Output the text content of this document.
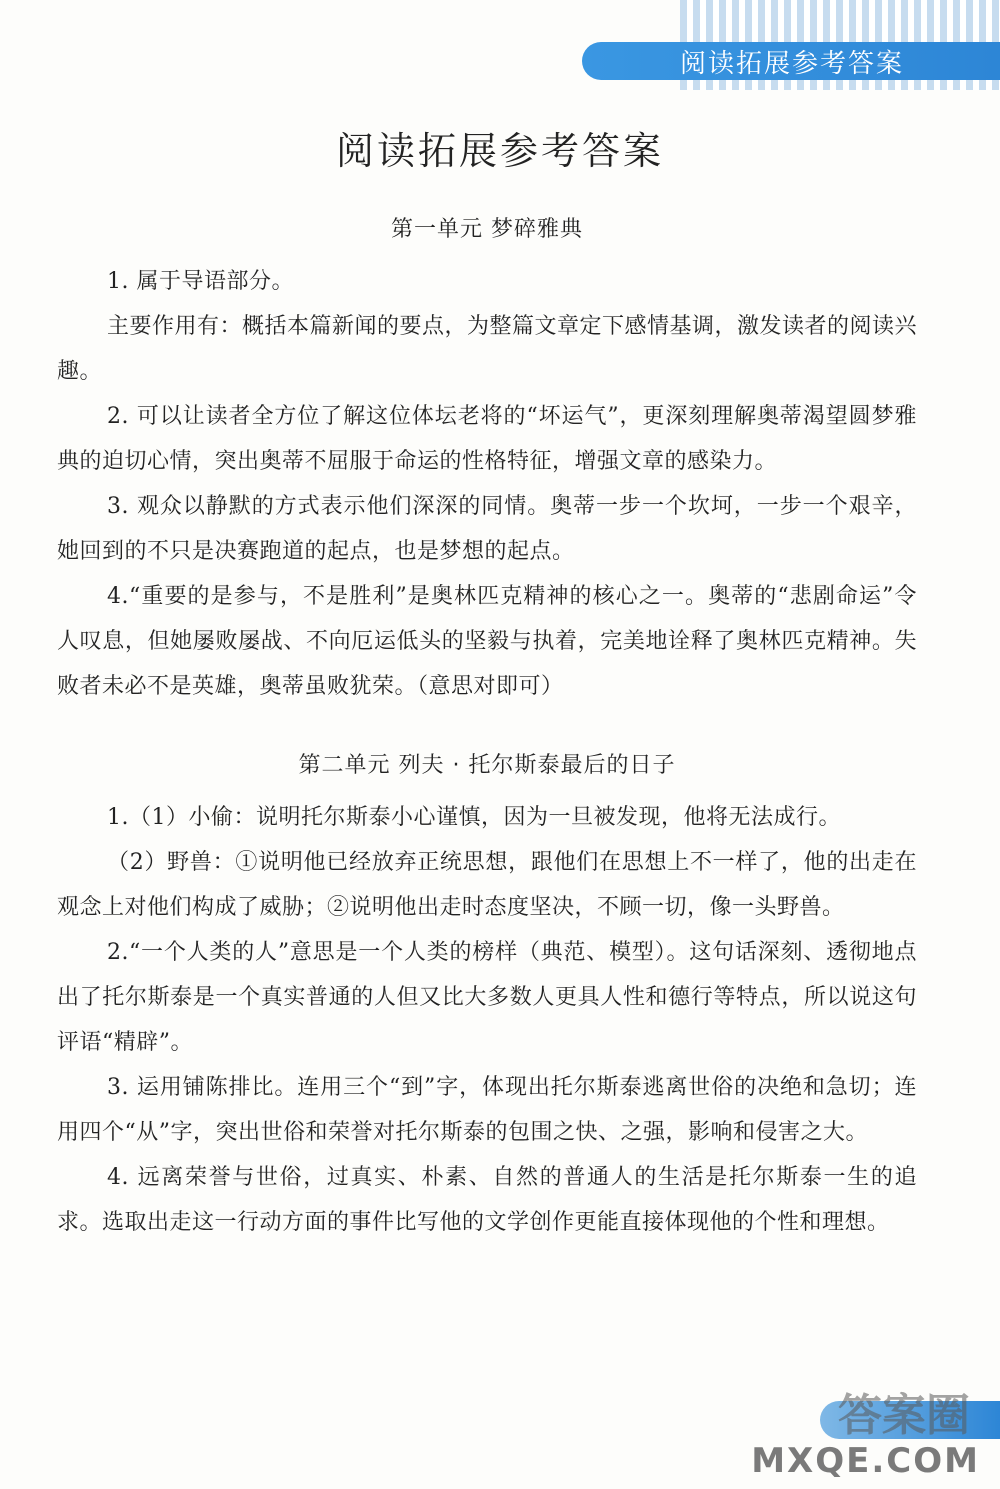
阅读拓展参考答案
阅读拓展参考答案
第一单元 梦碎雅典

1. 属于导语部分。

主要作用有：概括本篇新闻的要点，为整篇文章定下感情基调，激发读者的阅读兴趣。

2. 可以让读者全方位了解这位体坛老将的“坏运气”，更深刻理解奥蒂渴望圆梦雅典的迫切心情，突出奥蒂不屈服于命运的性格特征，增强文章的感染力。

3. 观众以静默的方式表示他们深深的同情。奥蒂一步一个坎坷，一步一个艰辛，她回到的不只是决赛跑道的起点，也是梦想的起点。

4.“重要的是参与，不是胜利”是奥林匹克精神的核心之一。奥蒂的“悲剧命运”令人叹息，但她屡败屡战、不向厄运低头的坚毅与执着，完美地诠释了奥林匹克精神。失败者未必不是英雄，奥蒂虽败犹荣。（意思对即可）

第二单元 列夫 · 托尔斯泰最后的日子

1.（1）小偷：说明托尔斯泰小心谨慎，因为一旦被发现，他将无法成行。

（2）野兽：①说明他已经放弃正统思想，跟他们在思想上不一样了，他的出走在观念上对他们构成了威胁；②说明他出走时态度坚决，不顾一切，像一头野兽。

2.“一个人类的人”意思是一个人类的榜样（典范、模型）。这句话深刻、透彻地点出了托尔斯泰是一个真实普通的人但又比大多数人更具人性和德行等特点，所以说这句评语“精辟”。

3. 运用铺陈排比。连用三个“到”字，体现出托尔斯泰逃离世俗的决绝和急切；连用四个“从”字，突出世俗和荣誉对托尔斯泰的包围之快、之强，影响和侵害之大。

4. 远离荣誉与世俗，过真实、朴素、自然的普通人的生活是托尔斯泰一生的追求。选取出走这一行动方面的事件比写他的文学创作更能直接体现他的个性和理想。

答案圈
MXQE.COM
